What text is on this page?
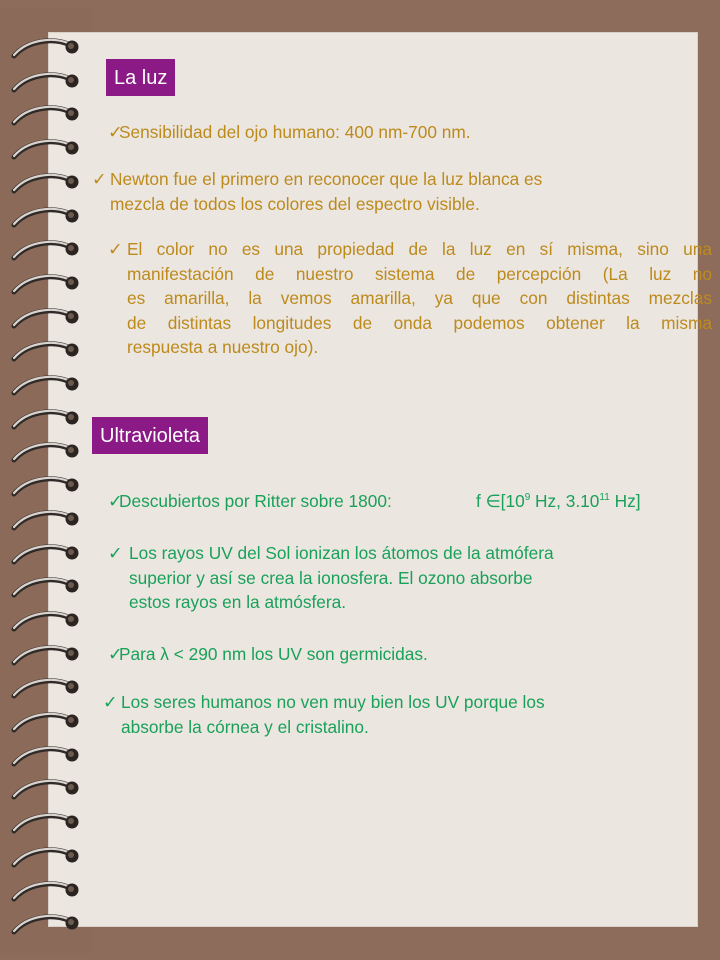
La luz
✓
Sensibilidad del ojo humano: 400 nm-700 nm.
✓ Newton fue el primero en reconocer que la luz blanca es
mezcla de todos los colores del espectro visible.
✓ El color no es una propiedad de la luz en sí misma, sino una
manifestación de nuestro sistema de percepción (La luz no
es amarilla, la vemos amarilla, ya que con distintas mezclas
de distintas longitudes de onda podemos obtener la misma
respuesta a nuestro ojo).
Ultravioleta
✓
Descubiertos por Ritter sobre 1800:	f $\in[10^9$ Hz, 3.10$^{11}$ Hz]
✓ Los rayos UV del Sol ionizan los átomos de la atmófera
superior y así se crea la ionosfera. El ozono absorbe
estos rayos en la atmósfera.
✓
Para λ < 290 nm los UV son germicidas.
✓ Los seres humanos no ven muy bien los UV porque los
absorbe la córnea y el cristalino.
